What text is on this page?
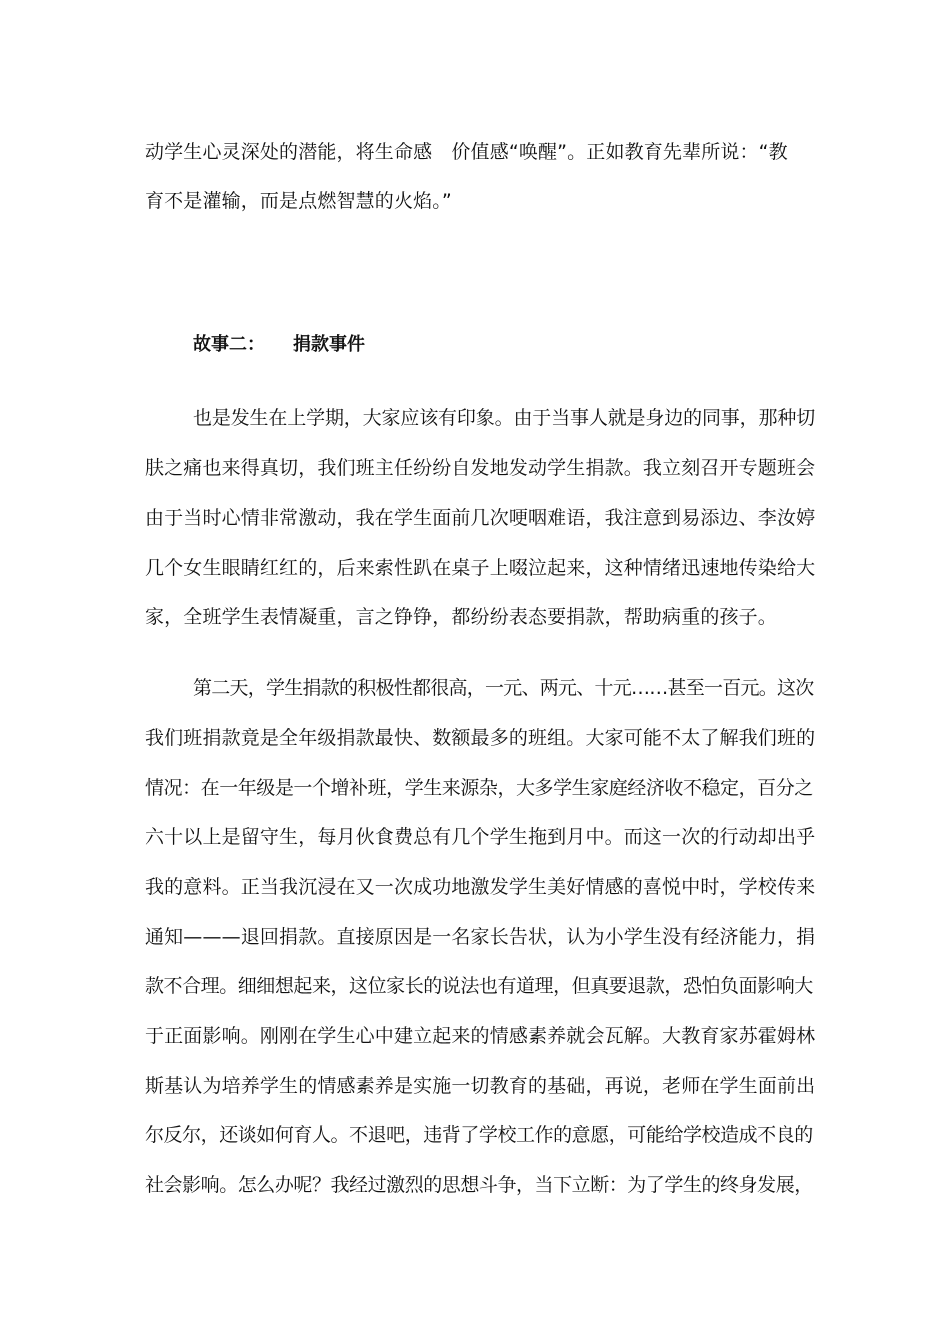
动学生心灵深处的潜能，将生命感　价值感“唤醒”。正如教育先辈所说：“教
育不是灌输，而是点燃智慧的火焰。”
故事二： 捐款事件
也是发生在上学期，大家应该有印象。由于当事人就是身边的同事，那种切
肤之痛也来得真切，我们班主任纷纷自发地发动学生捐款。我立刻召开专题班会
由于当时心情非常激动，我在学生面前几次哽咽难语，我注意到易添边、李汝婷
几个女生眼睛红红的，后来索性趴在桌子上啜泣起来，这种情绪迅速地传染给大
家，全班学生表情凝重，言之铮铮，都纷纷表态要捐款，帮助病重的孩子。
第二天，学生捐款的积极性都很高，一元、两元、十元……甚至一百元。这次
我们班捐款竟是全年级捐款最快、数额最多的班组。大家可能不太了解我们班的
情况：在一年级是一个增补班，学生来源杂，大多学生家庭经济收不稳定，百分之
六十以上是留守生，每月伙食费总有几个学生拖到月中。而这一次的行动却出乎
我的意料。正当我沉浸在又一次成功地激发学生美好情感的喜悦中时，学校传来
通知———退回捐款。直接原因是一名家长告状，认为小学生没有经济能力，捐
款不合理。细细想起来，这位家长的说法也有道理，但真要退款，恐怕负面影响大
于正面影响。刚刚在学生心中建立起来的情感素养就会瓦解。大教育家苏霍姆林
斯基认为培养学生的情感素养是实施一切教育的基础，再说，老师在学生面前出
尔反尔，还谈如何育人。不退吧，违背了学校工作的意愿，可能给学校造成不良的
社会影响。怎么办呢？我经过激烈的思想斗争，当下立断：为了学生的终身发展，
